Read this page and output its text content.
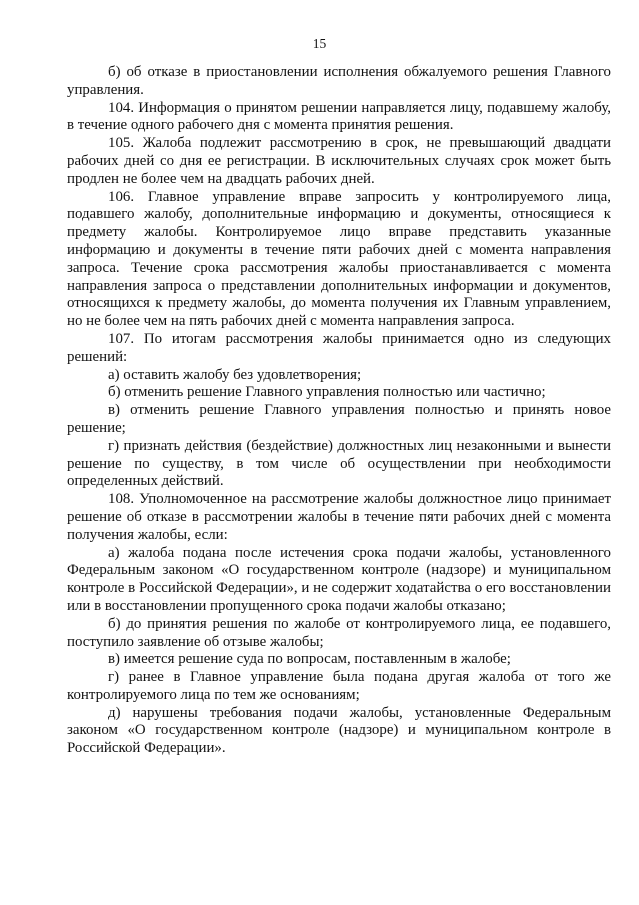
15

б) об отказе в приостановлении исполнения обжалуемого решения Главного управления.

104. Информация о принятом решении направляется лицу, подавшему жалобу, в течение одного рабочего дня с момента принятия решения.

105. Жалоба подлежит рассмотрению в срок, не превышающий двадцати рабочих дней со дня ее регистрации. В исключительных случаях срок может быть продлен не более чем на двадцать рабочих дней.

106. Главное управление вправе запросить у контролируемого лица, подавшего жалобу, дополнительные информацию и документы, относящиеся к предмету жалобы. Контролируемое лицо вправе представить указанные информацию и документы в течение пяти рабочих дней с момента направления запроса. Течение срока рассмотрения жалобы приостанавливается с момента направления запроса о представлении дополнительных информации и документов, относящихся к предмету жалобы, до момента получения их Главным управлением, но не более чем на пять рабочих дней с момента направления запроса.

107. По итогам рассмотрения жалобы принимается одно из следующих решений:

а) оставить жалобу без удовлетворения;

б) отменить решение Главного управления полностью или частично;

в) отменить решение Главного управления полностью и принять новое решение;

г) признать действия (бездействие) должностных лиц незаконными и вынести решение по существу, в том числе об осуществлении при необходимости определенных действий.

108. Уполномоченное на рассмотрение жалобы должностное лицо принимает решение об отказе в рассмотрении жалобы в течение пяти рабочих дней с момента получения жалобы, если:

а) жалоба подана после истечения срока подачи жалобы, установленного Федеральным законом «О государственном контроле (надзоре) и муниципальном контроле в Российской Федерации», и не содержит ходатайства о его восстановлении или в восстановлении пропущенного срока подачи жалобы отказано;

б) до принятия решения по жалобе от контролируемого лица, ее подавшего, поступило заявление об отзыве жалобы;

в) имеется решение суда по вопросам, поставленным в жалобе;

г) ранее в Главное управление была подана другая жалоба от того же контролируемого лица по тем же основаниям;

д) нарушены требования подачи жалобы, установленные Федеральным законом «О государственном контроле (надзоре) и муниципальном контроле в Российской Федерации».
